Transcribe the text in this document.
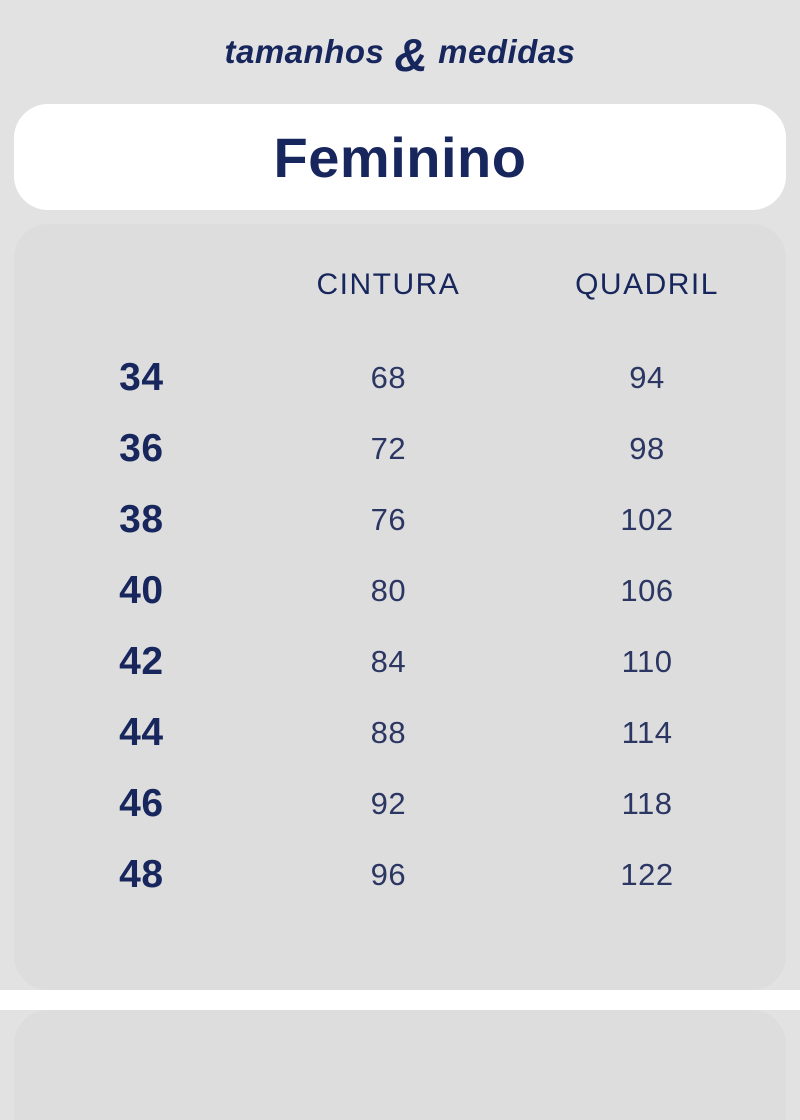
tamanhos & medidas
Feminino
	CINTURA	QUADRIL
34	68	94
36	72	98
38	76	102
40	80	106
42	84	110
44	88	114
46	92	118
48	96	122
